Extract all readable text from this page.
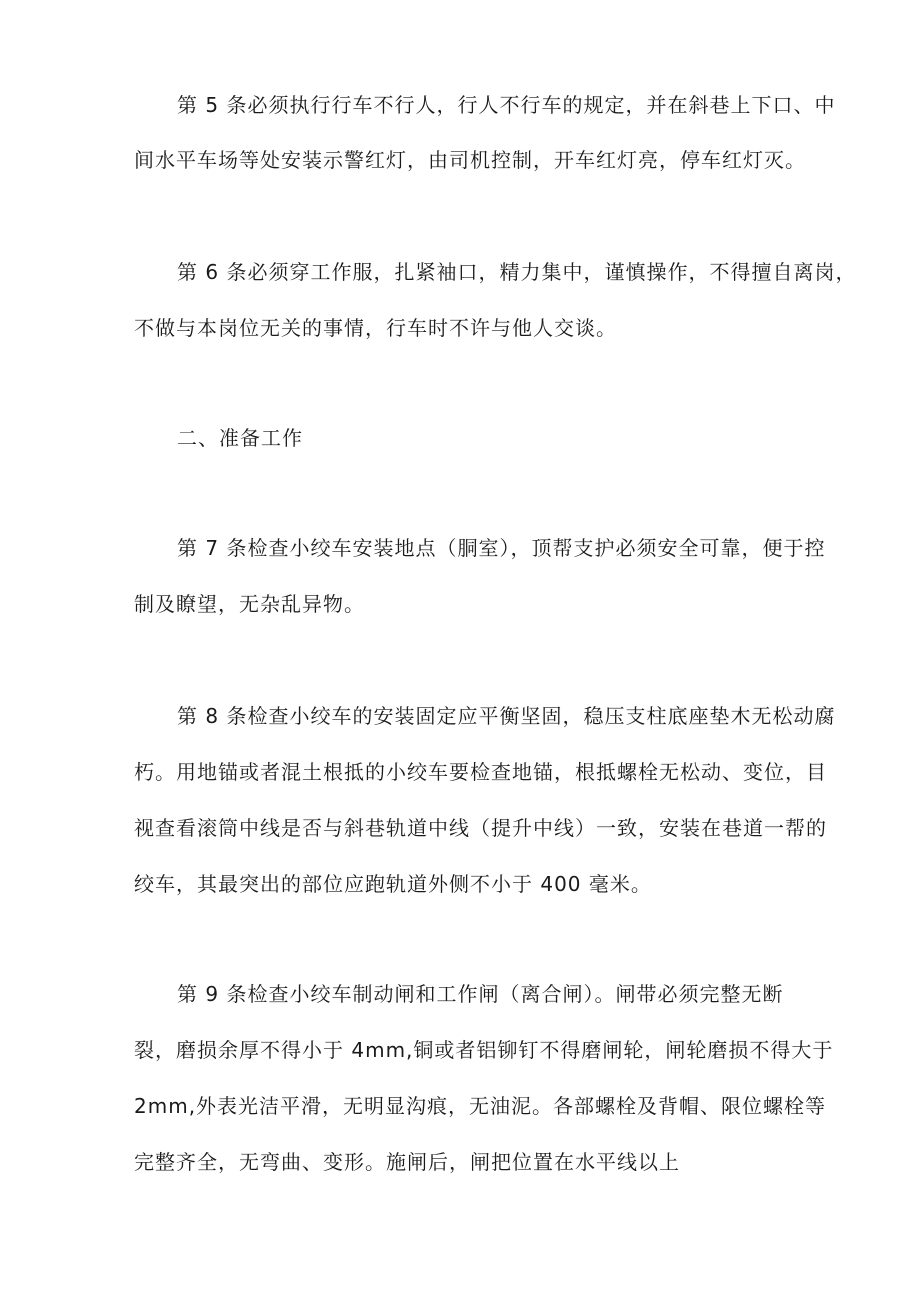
第 5 条必须执行行车不行人，行人不行车的规定，并在斜巷上下口、中
间水平车场等处安装示警红灯，由司机控制，开车红灯亮，停车红灯灭。
第 6 条必须穿工作服，扎紧袖口，精力集中，谨慎操作，不得擅自离岗，
不做与本岗位无关的事情，行车时不许与他人交谈。
二、准备工作
第 7 条检查小绞车安装地点（胴室），顶帮支护必须安全可靠，便于控
制及瞭望，无杂乱异物。
第 8 条检查小绞车的安装固定应平衡坚固，稳压支柱底座垫木无松动腐
朽。用地锚或者混土根抵的小绞车要检查地锚，根抵螺栓无松动、变位，目
视查看滚筒中线是否与斜巷轨道中线（提升中线）一致，安装在巷道一帮的
绞车，其最突出的部位应跑轨道外侧不小于 400 毫米。
第 9 条检查小绞车制动闸和工作闸（离合闸）。闸带必须完整无断
裂，磨损余厚不得小于 4mm,铜或者铝铆钉不得磨闸轮，闸轮磨损不得大于
2mm,外表光洁平滑，无明显沟痕，无油泥。各部螺栓及背帽、限位螺栓等
完整齐全，无弯曲、变形。施闸后，闸把位置在水平线以上
